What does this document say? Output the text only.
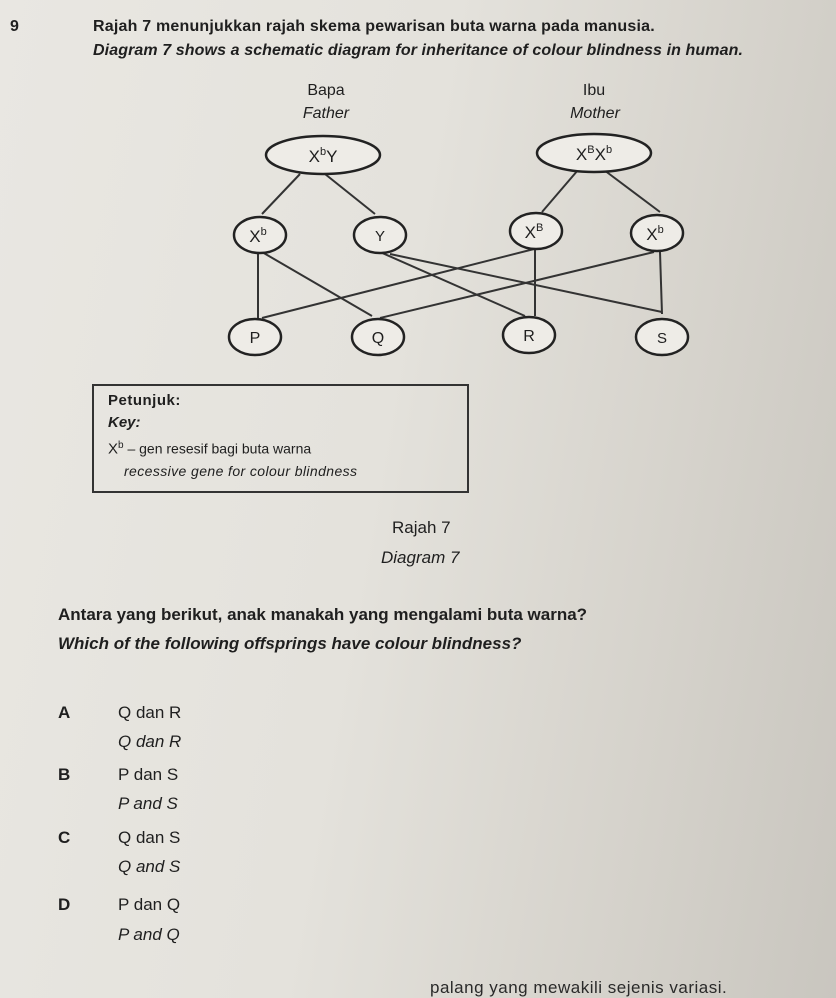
9	Rajah 7 menunjukkan rajah skema pewarisan buta warna pada manusia.
Diagram 7 shows a schematic diagram for inheritance of colour blindness in human.
Bapa
Father
Ibu
Mother
$X^bY$	$X^BX^b$
$X^b$	Y	$X^B$	$X^b$
P	Q	R	S
Petunjuk:
Key:
$X^b$ – gen resesif bagi buta warna
recessive gene for colour blindness
Rajah 7
Diagram 7
Antara yang berikut, anak manakah yang mengalami buta warna?
Which of the following offsprings have colour blindness?
A	Q dan R
Q dan R
B	P dan S
P and S
C	Q dan S
Q and S
D	P dan Q
P and Q
palang yang mewakili sejenis variasi.
